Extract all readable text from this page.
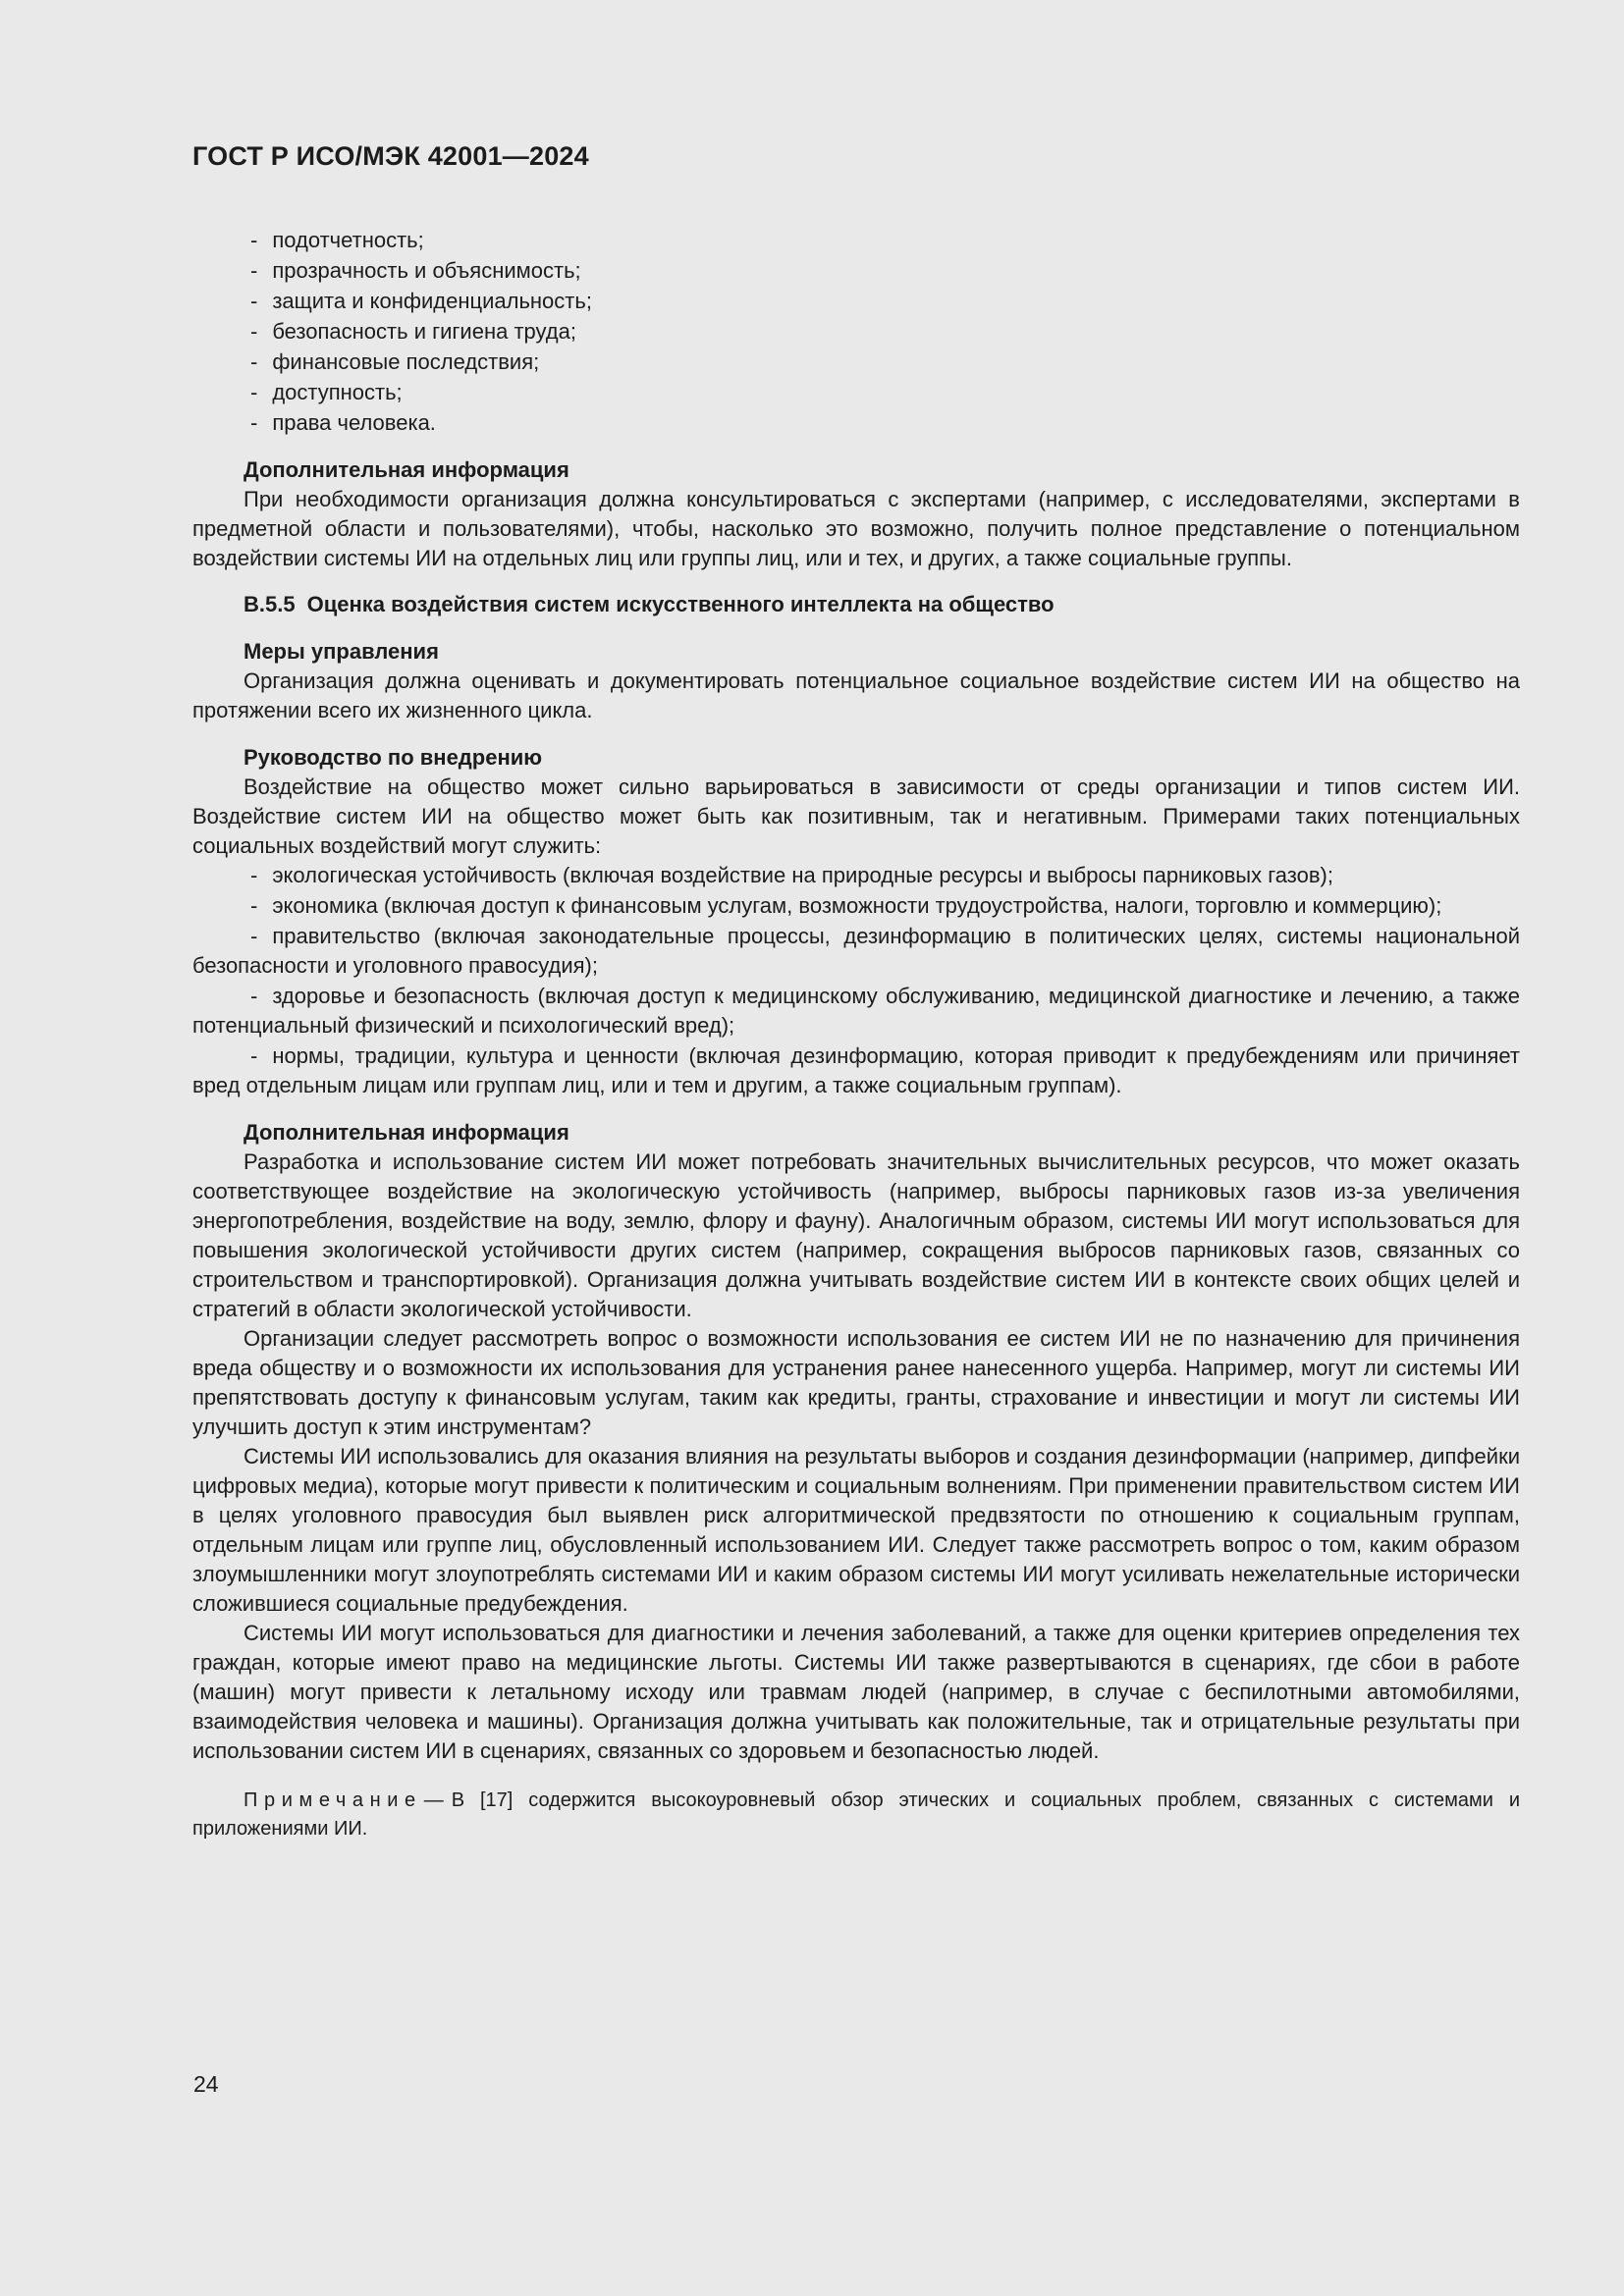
ГОСТ Р ИСО/МЭК 42001—2024
- подотчетность;
- прозрачность и объяснимость;
- защита и конфиденциальность;
- безопасность и гигиена труда;
- финансовые последствия;
- доступность;
- права человека.

Дополнительная информация

При необходимости организация должна консультироваться с экспертами (например, с исследователями, экспертами в предметной области и пользователями), чтобы, насколько это возможно, получить полное представление о потенциальном воздействии системы ИИ на отдельных лиц или группы лиц, или и тех, и других, а также социальные группы.

В.5.5 Оценка воздействия систем искусственного интеллекта на общество

Меры управления

Организация должна оценивать и документировать потенциальное социальное воздействие систем ИИ на общество на протяжении всего их жизненного цикла.

Руководство по внедрению

Воздействие на общество может сильно варьироваться в зависимости от среды организации и типов систем ИИ. Воздействие систем ИИ на общество может быть как позитивным, так и негативным. Примерами таких потенциальных социальных воздействий могут служить:

- экологическая устойчивость (включая воздействие на природные ресурсы и выбросы парниковых газов);
- экономика (включая доступ к финансовым услугам, возможности трудоустройства, налоги, торговлю и коммерцию);
- правительство (включая законодательные процессы, дезинформацию в политических целях, системы национальной безопасности и уголовного правосудия);
- здоровье и безопасность (включая доступ к медицинскому обслуживанию, медицинской диагностике и лечению, а также потенциальный физический и психологический вред);
- нормы, традиции, культура и ценности (включая дезинформацию, которая приводит к предубеждениям или причиняет вред отдельным лицам или группам лиц, или и тем и другим, а также социальным группам).

Дополнительная информация

Разработка и использование систем ИИ может потребовать значительных вычислительных ресурсов, что может оказать соответствующее воздействие на экологическую устойчивость (например, выбросы парниковых газов из-за увеличения энергопотребления, воздействие на воду, землю, флору и фауну). Аналогичным образом, системы ИИ могут использоваться для повышения экологической устойчивости других систем (например, сокращения выбросов парниковых газов, связанных со строительством и транспортировкой). Организация должна учитывать воздействие систем ИИ в контексте своих общих целей и стратегий в области экологической устойчивости.

Организации следует рассмотреть вопрос о возможности использования ее систем ИИ не по назначению для причинения вреда обществу и о возможности их использования для устранения ранее нанесенного ущерба. Например, могут ли системы ИИ препятствовать доступу к финансовым услугам, таким как кредиты, гранты, страхование и инвестиции и могут ли системы ИИ улучшить доступ к этим инструментам?

Системы ИИ использовались для оказания влияния на результаты выборов и создания дезинформации (например, дипфейки цифровых медиа), которые могут привести к политическим и социальным волнениям. При применении правительством систем ИИ в целях уголовного правосудия был выявлен риск алгоритмической предвзятости по отношению к социальным группам, отдельным лицам или группе лиц, обусловленный использованием ИИ. Следует также рассмотреть вопрос о том, каким образом злоумышленники могут злоупотреблять системами ИИ и каким образом системы ИИ могут усиливать нежелательные исторически сложившиеся социальные предубеждения.

Системы ИИ могут использоваться для диагностики и лечения заболеваний, а также для оценки критериев определения тех граждан, которые имеют право на медицинские льготы. Системы ИИ также развертываются в сценариях, где сбои в работе (машин) могут привести к летальному исходу или травмам людей (например, в случае с беспилотными автомобилями, взаимодействия человека и машины). Организация должна учитывать как положительные, так и отрицательные результаты при использовании систем ИИ в сценариях, связанных со здоровьем и безопасностью людей.

Примечание — В [17] содержится высокоуровневый обзор этических и социальных проблем, связанных с системами и приложениями ИИ.

24
